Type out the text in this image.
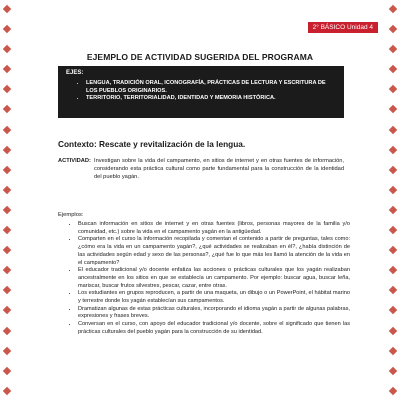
2° BÁSICO Unidad 4
EJEMPLO DE ACTIVIDAD SUGERIDA DEL PROGRAMA
EJES:
• LENGUA, TRADICIÓN ORAL, ICONOGRAFÍA, PRÁCTICAS DE LECTURA Y ESCRITURA DE LOS PUEBLOS ORIGINARIOS.
• TERRITORIO, TERRITORIALIDAD, IDENTIDAD Y MEMORIA HISTÓRICA.
Contexto: Rescate y revitalización de la lengua.
ACTIVIDAD: Investigan sobre la vida del campamento, en sitios de internet y en otras fuentes de información, considerando esta práctica cultural como parte fundamental para la construcción de la identidad del pueblo yagán.
Ejemplos:
• Buscan información en sitios de internet y en otras fuentes (libros, personas mayores de la familia y/o comunidad, etc.) sobre la vida en el campamento yagán en la antigüedad.
• Comparten en el curso la información recopilada y comentan el contenido a partir de preguntas, tales como: ¿cómo era la vida en un campamento yagán?, ¿qué actividades se realizaban en él?, ¿había distinción de las actividades según edad y sexo de las personas?, ¿qué fue lo que más les llamó la atención de la vida en el campamento?
• El educador tradicional y/o docente enfatiza las acciones o prácticas culturales que los yagán realizaban ancestralmente en los sitios en que se establecía un campamento. Por ejemplo: buscar agua, buscar leña, mariscar, buscar frutos silvestres, pescar, cazar, entre otras.
• Los estudiantes en grupos reproducen, a partir de una maqueta, un dibujo o un PowerPoint, el hábitat marino y terrestre donde los yagán establecían sus campamentos.
• Dramatizan algunas de estas prácticas culturales, incorporando el idioma yagán a partir de algunas palabras, expresiones y frases breves.
• Conversan en el curso, con apoyo del educador tradicional y/o docente, sobre el significado que tienen las prácticas culturales del pueblo yagán para la construcción de su identidad.
